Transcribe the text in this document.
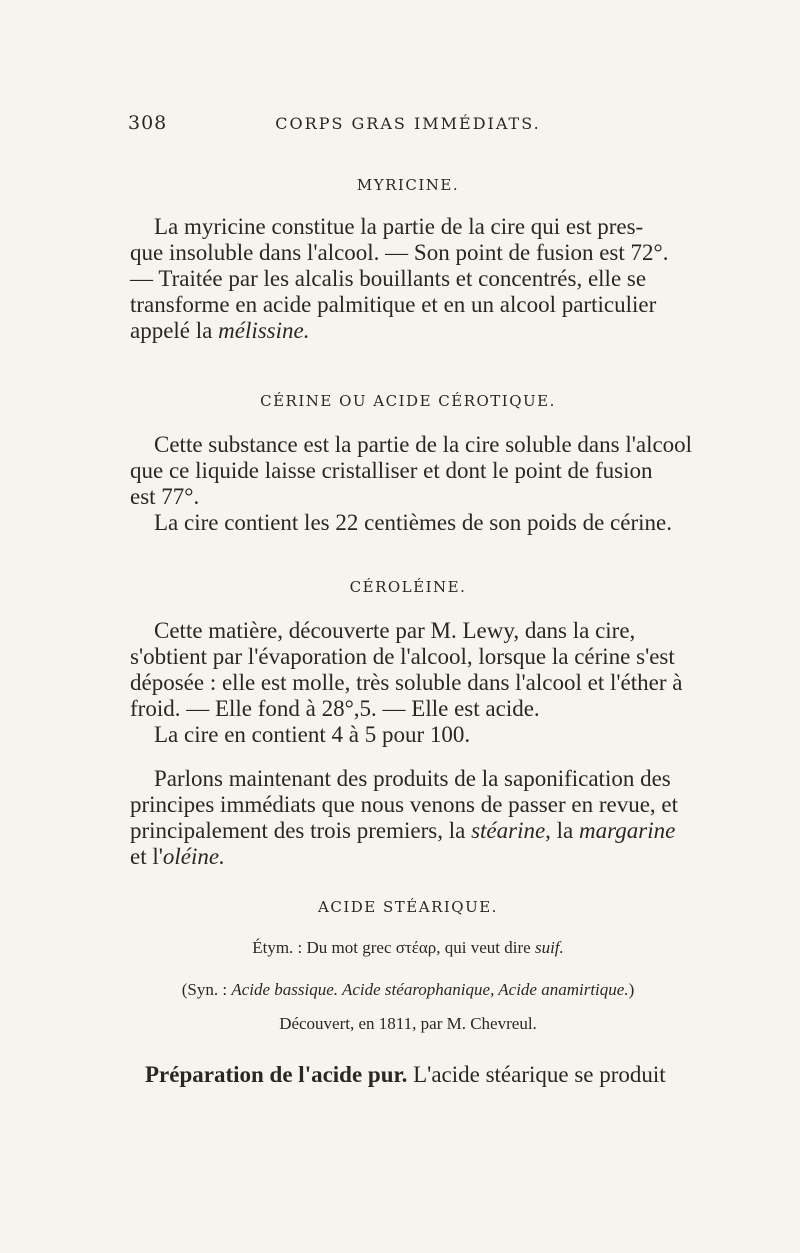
308	CORPS GRAS IMMÉDIATS.
MYRICINE.
La myricine constitue la partie de la cire qui est pres-
que insoluble dans l'alcool. — Son point de fusion est 72°.
— Traitée par les alcalis bouillants et concentrés, elle se
transforme en acide palmitique et en un alcool particulier
appelé la mélissine.
CÉRINE OU ACIDE CÉROTIQUE.
Cette substance est la partie de la cire soluble dans l'alcool
que ce liquide laisse cristalliser et dont le point de fusion
est 77°.
La cire contient les 22 centièmes de son poids de cérine.
CÉROLÉINE.
Cette matière, découverte par M. Lewy, dans la cire,
s'obtient par l'évaporation de l'alcool, lorsque la cérine s'est
déposée : elle est molle, très soluble dans l'alcool et l'éther à
froid. — Elle fond à 28°,5. — Elle est acide.
La cire en contient 4 à 5 pour 100.
Parlons maintenant des produits de la saponification des
principes immédiats que nous venons de passer en revue, et
principalement des trois premiers, la stéarine, la margarine
et l'oléine.
ACIDE STÉARIQUE.
Étym. : Du mot grec στέαρ, qui veut dire suif.
(Syn. : Acide bassique. Acide stéarophanique, Acide anamirtique.)
Découvert, en 1811, par M. Chevreul.
Préparation de l'acide pur. L'acide stéarique se produit
